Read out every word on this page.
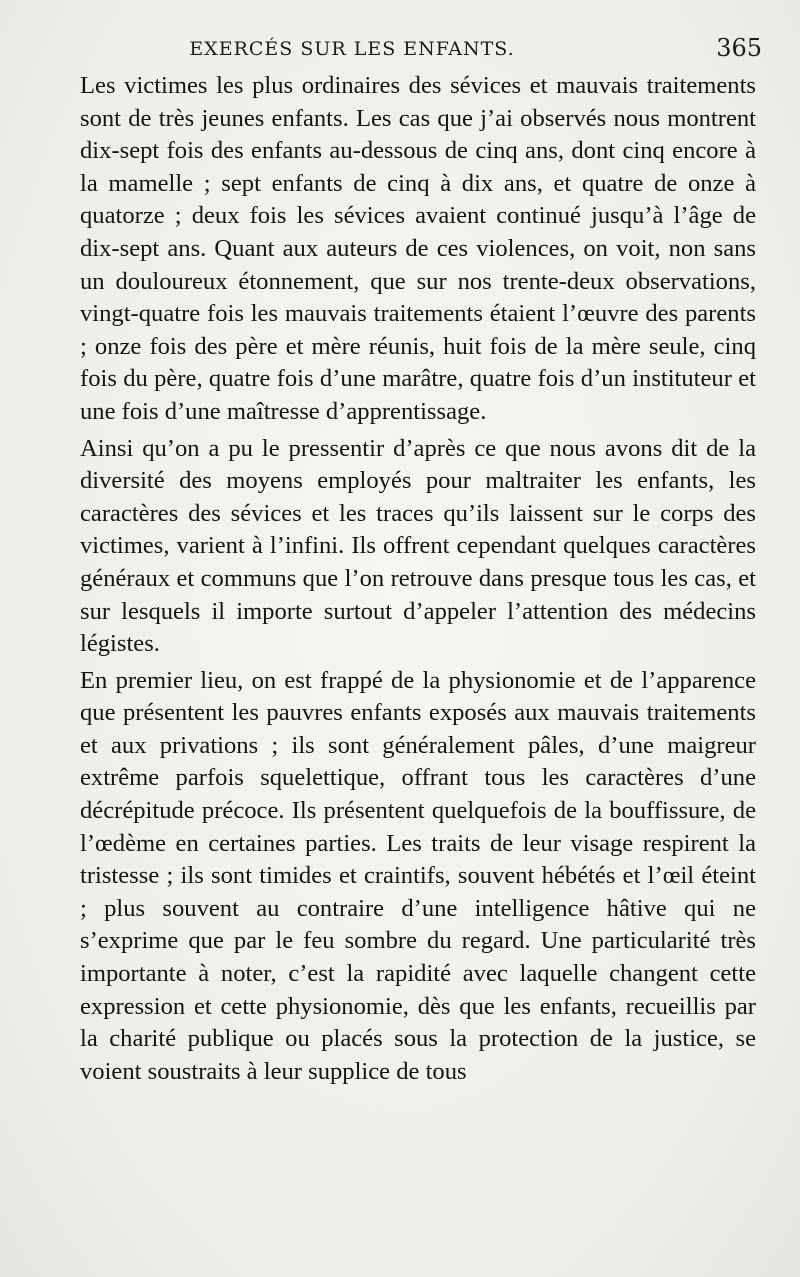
EXERCÉS SUR LES ENFANTS.	365

Les victimes les plus ordinaires des sévices et mauvais traitements sont de très jeunes enfants. Les cas que j’ai observés nous montrent dix-sept fois des enfants au-dessous de cinq ans, dont cinq encore à la mamelle ; sept enfants de cinq à dix ans, et quatre de onze à quatorze ; deux fois les sévices avaient continué jusqu’à l’âge de dix-sept ans. Quant aux auteurs de ces violences, on voit, non sans un douloureux étonnement, que sur nos trente-deux observations, vingt-quatre fois les mauvais traitements étaient l’œuvre des parents ; onze fois des père et mère réunis, huit fois de la mère seule, cinq fois du père, quatre fois d’une marâtre, quatre fois d’un instituteur et une fois d’une maîtresse d’apprentissage.

Ainsi qu’on a pu le pressentir d’après ce que nous avons dit de la diversité des moyens employés pour maltraiter les enfants, les caractères des sévices et les traces qu’ils laissent sur le corps des victimes, varient à l’infini. Ils offrent cependant quelques caractères généraux et communs que l’on retrouve dans presque tous les cas, et sur lesquels il importe surtout d’appeler l’attention des médecins légistes.

En premier lieu, on est frappé de la physionomie et de l’apparence que présentent les pauvres enfants exposés aux mauvais traitements et aux privations ; ils sont généralement pâles, d’une maigreur extrême parfois squelettique, offrant tous les caractères d’une décrépitude précoce. Ils présentent quelquefois de la bouffissure, de l’œdème en certaines parties. Les traits de leur visage respirent la tristesse ; ils sont timides et craintifs, souvent hébétés et l’œil éteint ; plus souvent au contraire d’une intelligence hâtive qui ne s’exprime que par le feu sombre du regard. Une particularité très importante à noter, c’est la rapidité avec laquelle changent cette expression et cette physionomie, dès que les enfants, recueillis par la charité publique ou placés sous la protection de la justice, se voient soustraits à leur supplice de tous
